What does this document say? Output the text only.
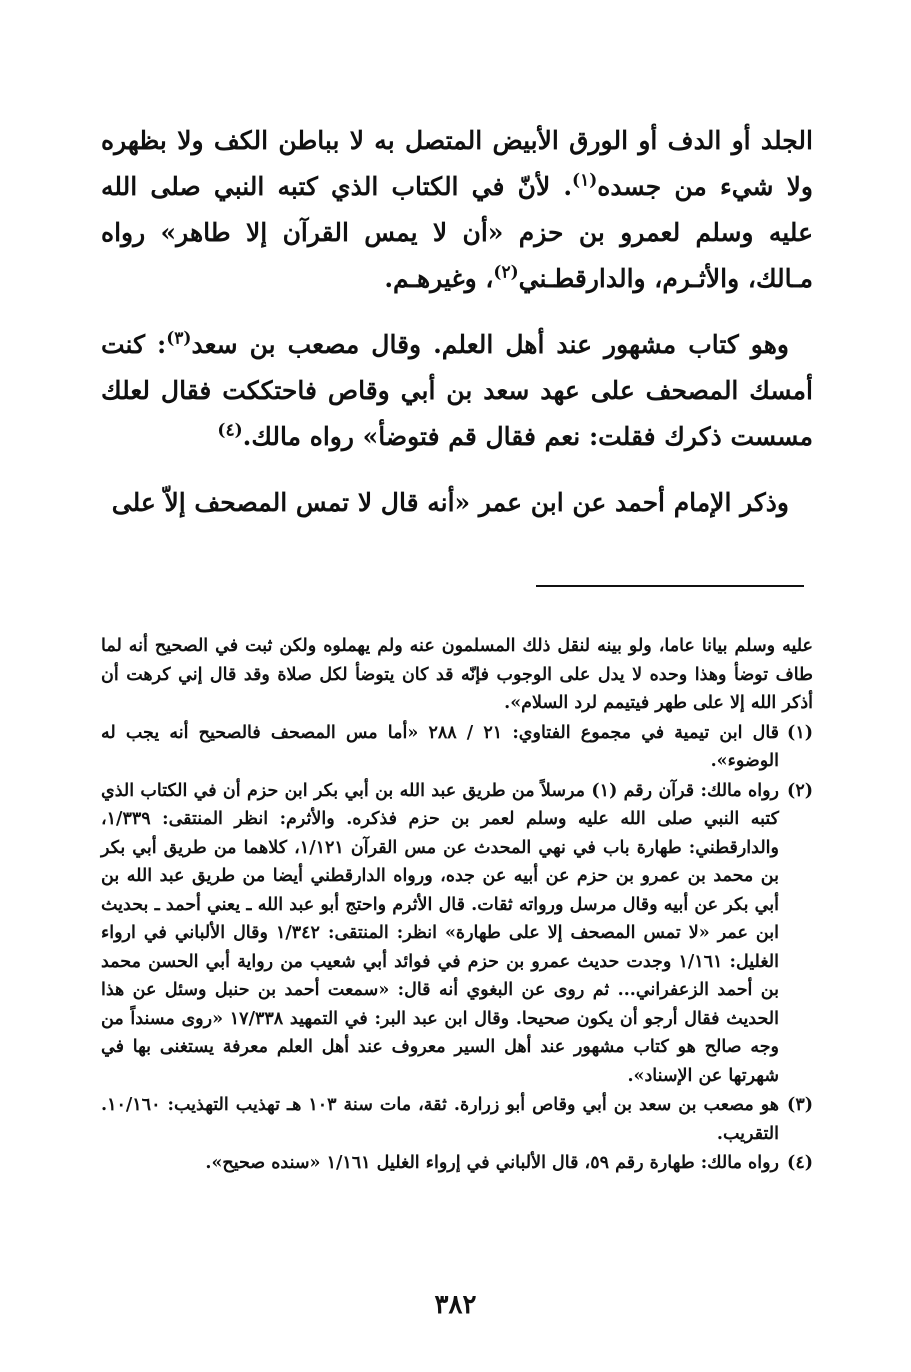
الجلد أو الدف أو الورق الأبيض المتصل به لا بباطن الكف ولا بظهره ولا شيء من جسده$^{(١)}$. لأنّ في الكتاب الذي كتبه النبي صلى الله عليه وسلم لعمرو بن حزم «أن لا يمس القرآن إلا طاهر» رواه مـالك، والأثـرم، والدارقطـني$^{(٢)}$، وغيرهـم.

وهو كتاب مشهور عند أهل العلم. وقال مصعب بن سعد$^{(٣)}$: كنت أمسك المصحف على عهد سعد بن أبي وقاص فاحتككت فقال لعلك مسست ذكرك فقلت: نعم فقال قم فتوضأ» رواه مالك.$^{(٤)}$

وذكر الإمام أحمد عن ابن عمر «أنه قال لا تمس المصحف إلاّ على

عليه وسلم بيانا عاما، ولو بينه لنقل ذلك المسلمون عنه ولم يهملوه ولكن ثبت في الصحيح أنه لما طاف توضأ وهذا وحده لا يدل على الوجوب فإنّه قد كان يتوضأ لكل صلاة وقد قال إني كرهت أن أذكر الله إلا على طهر فيتيمم لرد السلام».

(١)
قال ابن تيمية في مجموع الفتاوي: ٢١ / ٢٨٨ «أما مس المصحف فالصحيح أنه يجب له الوضوء».
(٢)
رواه مالك: قرآن رقم (١) مرسلاً من طريق عبد الله بن أبي بكر ابن حزم أن في الكتاب الذي كتبه النبي صلى الله عليه وسلم لعمر بن حزم فذكره. والأثرم: انظر المنتقى: ١/٣٣٩، والدارقطني: طهارة باب في نهي المحدث عن مس القرآن ١/١٢١، كلاهما من طريق أبي بكر بن محمد بن عمرو بن حزم عن أبيه عن جده، ورواه الدارقطني أيضا من طريق عبد الله بن أبي بكر عن أبيه وقال مرسل ورواته ثقات. قال الأثرم واحتج أبو عبد الله ـ يعني أحمد ـ بحديث ابن عمر «لا تمس المصحف إلا على طهارة» انظر: المنتقى: ١/٣٤٢ وقال الألباني في ارواء الغليل: ١/١٦١ وجدت حديث عمرو بن حزم في فوائد أبي شعيب من رواية أبي الحسن محمد بن أحمد الزعفراني... ثم روى عن البغوي أنه قال: «سمعت أحمد بن حنبل وسئل عن هذا الحديث فقال أرجو أن يكون صحيحا. وقال ابن عبد البر: في التمهيد ١٧/٣٣٨ «روى مسنداً من وجه صالح هو كتاب مشهور عند أهل السير معروف عند أهل العلم معرفة يستغنى بها في شهرتها عن الإسناد».
(٣)
هو مصعب بن سعد بن أبي وقاص أبو زرارة. ثقة، مات سنة ١٠٣ هـ تهذيب التهذيب: ١٠/١٦٠. التقريب.
(٤)
رواه مالك: طهارة رقم ٥٩، قال الألباني في إرواء الغليل ١/١٦١ «سنده صحيح».
٣٨٢
